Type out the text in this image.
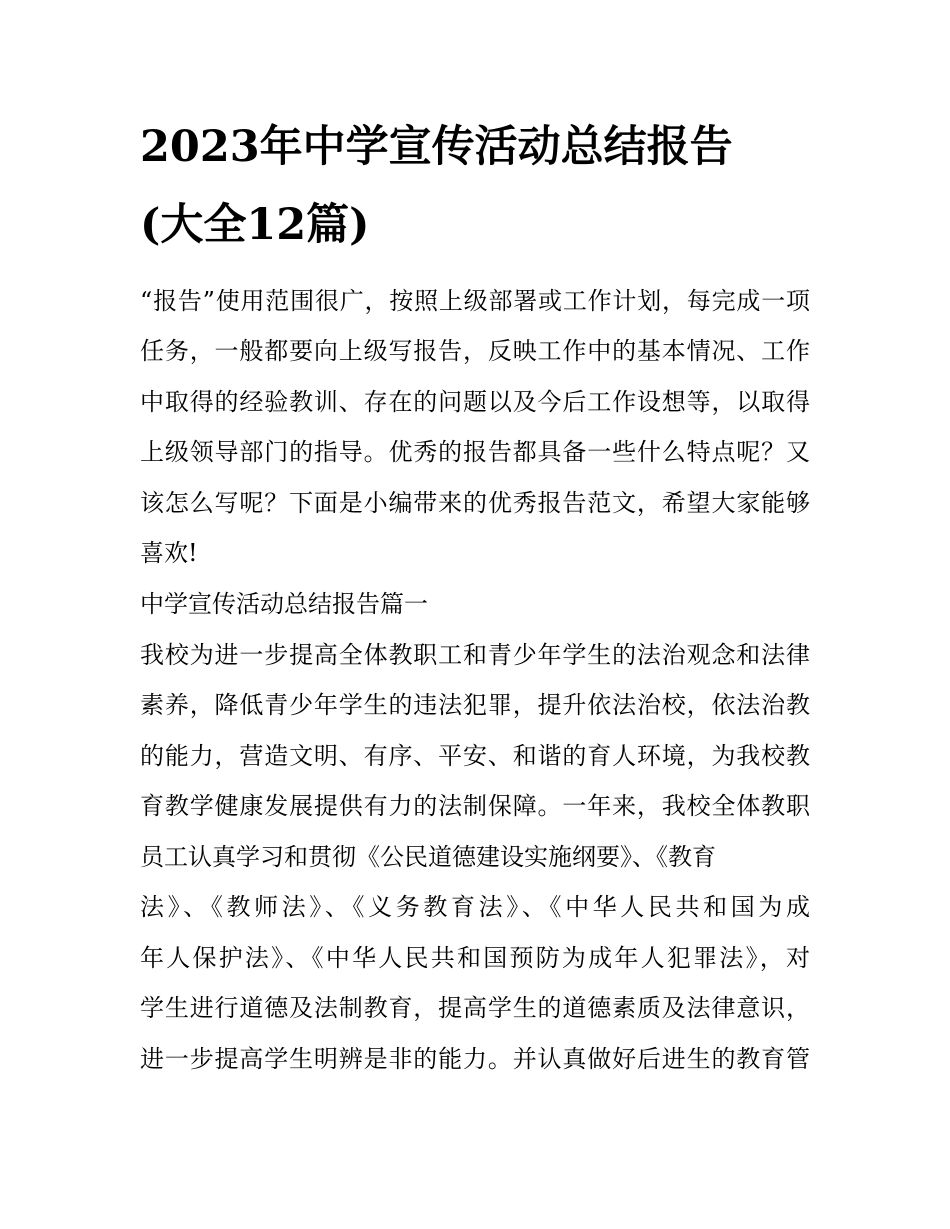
2023年中学宣传活动总结报告
(大全12篇)

“报告”使用范围很广，按照上级部署或工作计划，每完成一项

任务，一般都要向上级写报告，反映工作中的基本情况、工作

中取得的经验教训、存在的问题以及今后工作设想等，以取得

上级领导部门的指导。优秀的报告都具备一些什么特点呢？又

该怎么写呢？下面是小编带来的优秀报告范文，希望大家能够

喜欢!

中学宣传活动总结报告篇一

我校为进一步提高全体教职工和青少年学生的法治观念和法律

素养，降低青少年学生的违法犯罪，提升依法治校，依法治教

的能力，营造文明、有序、平安、和谐的育人环境，为我校教

育教学健康发展提供有力的法制保障。一年来，我校全体教职

员工认真学习和贯彻《公民道德建设实施纲要》、《教育

法》、《教师法》、《义务教育法》、《中华人民共和国为成

年人保护法》、《中华人民共和国预防为成年人犯罪法》，对

学生进行道德及法制教育，提高学生的道德素质及法律意识，

进一步提高学生明辨是非的能力。并认真做好后进生的教育管
